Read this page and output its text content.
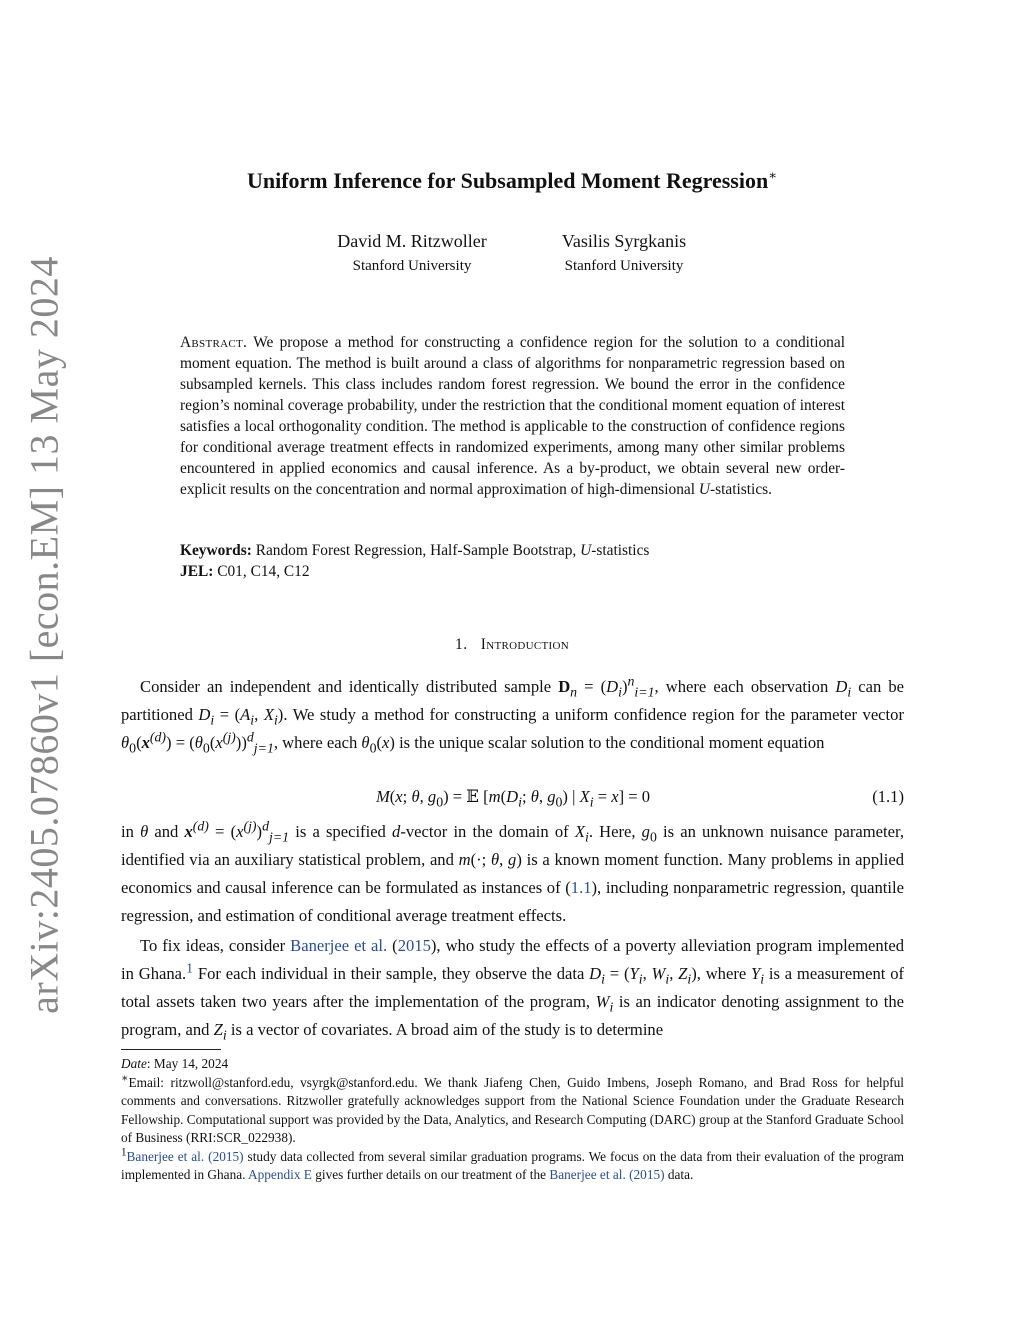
arXiv:2405.07860v1 [econ.EM] 13 May 2024
Uniform Inference for Subsampled Moment Regression∗
David M. Ritzwoller
Stanford University
Vasilis Syrgkanis
Stanford University
Abstract. We propose a method for constructing a confidence region for the solution to a conditional moment equation. The method is built around a class of algorithms for nonparametric regression based on subsampled kernels. This class includes random forest regression. We bound the error in the confidence region’s nominal coverage probability, under the restriction that the conditional moment equation of interest satisfies a local orthogonality condition. The method is applicable to the construction of confidence regions for conditional average treatment effects in randomized experiments, among many other similar problems encountered in applied economics and causal inference. As a by-product, we obtain several new order-explicit results on the concentration and normal approximation of high-dimensional U-statistics.
Keywords: Random Forest Regression, Half-Sample Bootstrap, U-statistics
JEL: C01, C14, C12
1. Introduction
Consider an independent and identically distributed sample $D_n = (D_i)^n_{i=1}$, where each observation $D_i$ can be partitioned $D_i = (A_i$, $X_i$). We study a method for constructing a uniform confidence region for the parameter vector $\theta_0(x^{(d)}) = (\theta_0(x^{(j)}))^d_{j=1}$, where each $\theta_0(x)$ is the unique scalar solution to the conditional moment equation
M(x; θ, $g_0$) = 𝔼 [$m(D_i$; θ, $g_0$) | $X_i = x] = 0$	(1.1)
in θ and $x^{(d)} = (x^{(j)})^d_{j=1}$ is a specified d-vector in the domain of $X_i$. Here, $g_0$ is an unknown nuisance parameter, identified via an auxiliary statistical problem, and m(·; θ, g) is a known moment function. Many problems in applied economics and causal inference can be formulated as instances of (1.1), including nonparametric regression, quantile regression, and estimation of conditional average treatment effects.
To fix ideas, consider Banerjee et al. (2015), who study the effects of a poverty alleviation program implemented in Ghana.$^1$ For each individual in their sample, they observe the data $D_i = (Y_i$, $W_i$, $Z_i$), where $Y_i$ is a measurement of total assets taken two years after the implementation of the program, $W_i$ is an indicator denoting assignment to the program, and $Z_i$ is a vector of covariates. A broad aim of the study is to determine

Date: May 14, 2024

∗Email: ritzwoll@stanford.edu, vsyrgk@stanford.edu. We thank Jiafeng Chen, Guido Imbens, Joseph Romano, and Brad Ross for helpful comments and conversations. Ritzwoller gratefully acknowledges support from the National Science Foundation under the Graduate Research Fellowship. Computational support was provided by the Data, Analytics, and Research Computing (DARC) group at the Stanford Graduate School of Business (RRI:SCR_022938).

$^1$Banerjee et al. (2015) study data collected from several similar graduation programs. We focus on the data from their evaluation of the program implemented in Ghana. Appendix E gives further details on our treatment of the Banerjee et al. (2015) data.
